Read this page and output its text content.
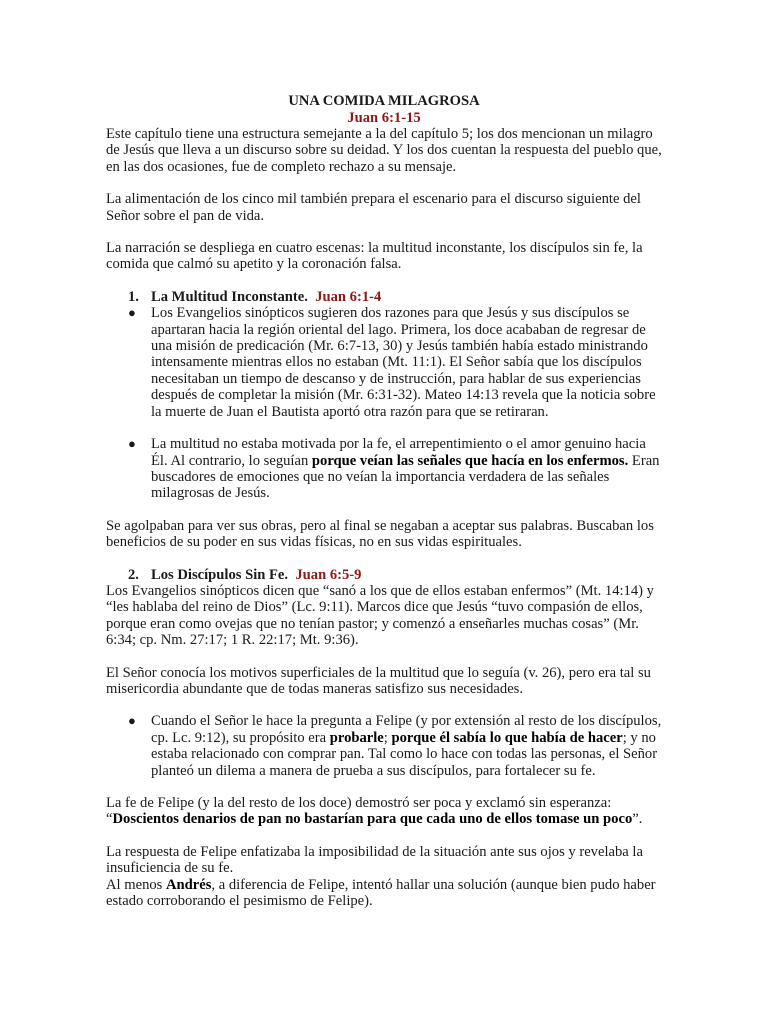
UNA COMIDA MILAGROSA

Juan 6:1-15

Este capítulo tiene una estructura semejante a la del capítulo 5; los dos mencionan un milagro de Jesús que lleva a un discurso sobre su deidad. Y los dos cuentan la respuesta del pueblo que, en las dos ocasiones, fue de completo rechazo a su mensaje.

La alimentación de los cinco mil también prepara el escenario para el discurso siguiente del Señor sobre el pan de vida.

La narración se despliega en cuatro escenas: la multitud inconstante, los discípulos sin fe, la comida que calmó su apetito y la coronación falsa.

1. La Multitud Inconstante. Juan 6:1-4

● Los Evangelios sinópticos sugieren dos razones para que Jesús y sus discípulos se apartaran hacia la región oriental del lago. Primera, los doce acababan de regresar de una misión de predicación (Mr. 6:7-13, 30) y Jesús también había estado ministrando intensamente mientras ellos no estaban (Mt. 11:1). El Señor sabía que los discípulos necesitaban un tiempo de descanso y de instrucción, para hablar de sus experiencias después de completar la misión (Mr. 6:31-32). Mateo 14:13 revela que la noticia sobre la muerte de Juan el Bautista aportó otra razón para que se retiraran.
● La multitud no estaba motivada por la fe, el arrepentimiento o el amor genuino hacia Él. Al contrario, lo seguían porque veían las señales que hacía en los enfermos. Eran buscadores de emociones que no veían la importancia verdadera de las señales milagrosas de Jesús.

Se agolpaban para ver sus obras, pero al final se negaban a aceptar sus palabras. Buscaban los beneficios de su poder en sus vidas físicas, no en sus vidas espirituales.

2. Los Discípulos Sin Fe. Juan 6:5-9

Los Evangelios sinópticos dicen que “sanó a los que de ellos estaban enfermos” (Mt. 14:14) y “les hablaba del reino de Dios” (Lc. 9:11). Marcos dice que Jesús “tuvo compasión de ellos, porque eran como ovejas que no tenían pastor; y comenzó a enseñarles muchas cosas” (Mr. 6:34; cp. Nm. 27:17; 1 R. 22:17; Mt. 9:36).

El Señor conocía los motivos superficiales de la multitud que lo seguía (v. 26), pero era tal su misericordia abundante que de todas maneras satisfizo sus necesidades.

● Cuando el Señor le hace la pregunta a Felipe (y por extensión al resto de los discípulos, cp. Lc. 9:12), su propósito era probarle; porque él sabía lo que había de hacer; y no estaba relacionado con comprar pan. Tal como lo hace con todas las personas, el Señor planteó un dilema a manera de prueba a sus discípulos, para fortalecer su fe.

La fe de Felipe (y la del resto de los doce) demostró ser poca y exclamó sin esperanza: “Doscientos denarios de pan no bastarían para que cada uno de ellos tomase un poco”.

La respuesta de Felipe enfatizaba la imposibilidad de la situación ante sus ojos y revelaba la insuficiencia de su fe.

Al menos Andrés, a diferencia de Felipe, intentó hallar una solución (aunque bien pudo haber estado corroborando el pesimismo de Felipe).
